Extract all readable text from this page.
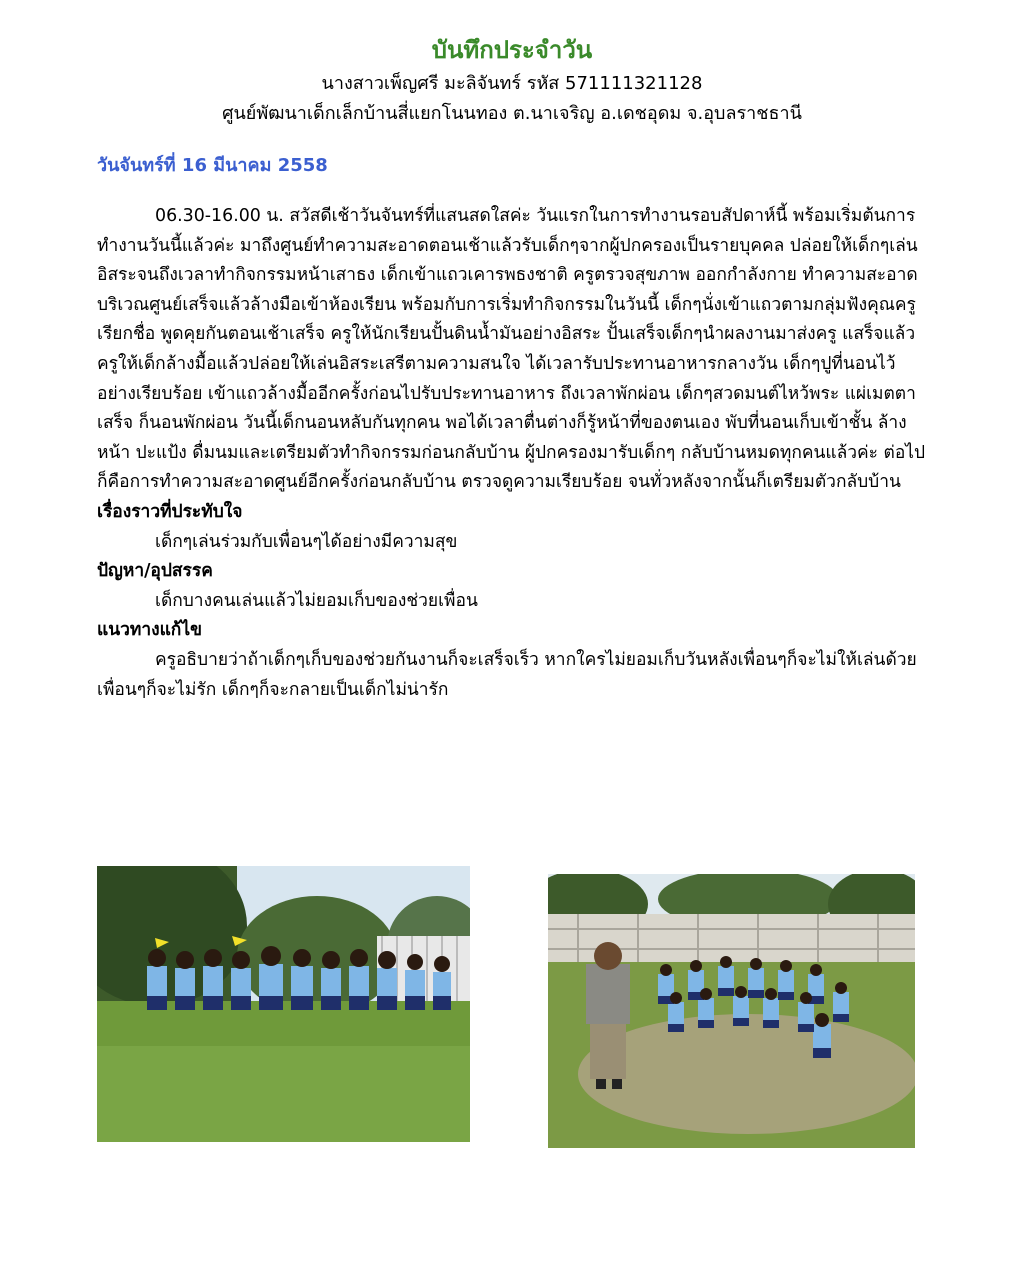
บันทึกประจำวัน
นางสาวเพ็ญศรี มะลิจันทร์ รหัส 571111321128
ศูนย์พัฒนาเด็กเล็กบ้านสี่แยกโนนทอง ต.นาเจริญ อ.เดชอุดม จ.อุบลราชธานี
วันจันทร์ที่ 16 มีนาคม 2558

06.30-16.00 น. สวัสดีเช้าวันจันทร์ที่แสนสดใสค่ะ วันแรกในการทำงานรอบสัปดาห์นี้ พร้อมเริ่มต้นการทำงานวันนี้แล้วค่ะ มาถึงศูนย์ทำความสะอาดตอนเช้าแล้วรับเด็กๆจากผู้ปกครองเป็นรายบุคคล ปล่อยให้เด็กๆเล่นอิสระจนถึงเวลาทำกิจกรรมหน้าเสาธง เด็กเข้าแถวเคารพธงชาติ ครูตรวจสุขภาพ ออกกำลังกาย ทำความสะอาดบริเวณศูนย์เสร็จแล้วล้างมือเข้าห้องเรียน พร้อมกับการเริ่มทำกิจกรรมในวันนี้ เด็กๆนั่งเข้าแถวตามกลุ่มฟังคุณครูเรียกชื่อ พูดคุยกันตอนเช้าเสร็จ ครูให้นักเรียนปั้นดินน้ำมันอย่างอิสระ ปั้นเสร็จเด็กๆนำผลงานมาส่งครู แสร็จแล้วครูให้เด็กล้างมื้อแล้วปล่อยให้เล่นอิสระเสรีตามความสนใจ ได้เวลารับประทานอาหารกลางวัน เด็กๆปูที่นอนไว้อย่างเรียบร้อย เข้าแถวล้างมื้ออีกครั้งก่อนไปรับประทานอาหาร ถึงเวลาพักผ่อน เด็กๆสวดมนต์ไหว้พระ แผ่เมตตาเสร็จ ก็นอนพักผ่อน วันนี้เด็กนอนหลับกันทุกคน พอได้เวลาตื่นต่างก็รู้หน้าที่ของตนเอง พับที่นอนเก็บเข้าชั้น ล้างหน้า ปะแป้ง ดื่มนมและเตรียมตัวทำกิจกรรมก่อนกลับบ้าน ผู้ปกครองมารับเด็กๆ กลับบ้านหมดทุกคนแล้วค่ะ ต่อไปก็คือการทำความสะอาดศูนย์อีกครั้งก่อนกลับบ้าน ตรวจดูความเรียบร้อย จนทั่วหลังจากนั้นก็เตรียมตัวกลับบ้าน

เรื่องราวที่ประทับใจ

เด็กๆเล่นร่วมกับเพื่อนๆได้อย่างมีความสุข

ปัญหา/อุปสรรค

เด็กบางคนเล่นแล้วไม่ยอมเก็บของช่วยเพื่อน

แนวทางแก้ไข

ครูอธิบายว่าถ้าเด็กๆเก็บของช่วยกันงานก็จะเสร็จเร็ว หากใครไม่ยอมเก็บวันหลังเพื่อนๆก็จะไม่ให้เล่นด้วย เพื่อนๆก็จะไม่รัก เด็กๆก็จะกลายเป็นเด็กไม่น่ารัก
